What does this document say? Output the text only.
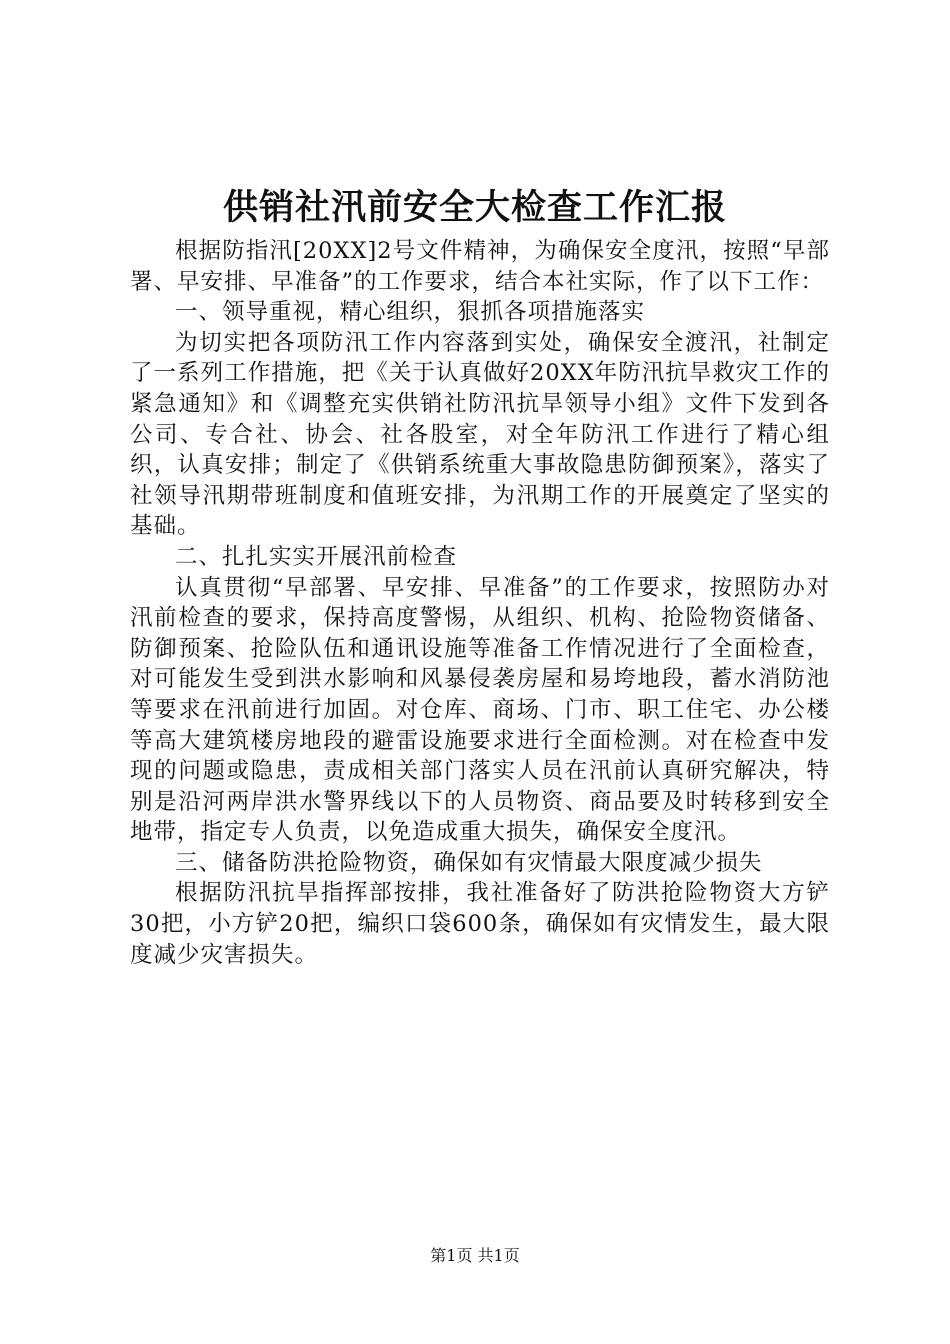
供销社汛前安全大检查工作汇报

根据防指汛[20XX]2号文件精神，为确保安全度汛，按照“早部署、早安排、早准备”的工作要求，结合本社实际，作了以下工作：

一、领导重视，精心组织，狠抓各项措施落实

为切实把各项防汛工作内容落到实处，确保安全渡汛，社制定了一系列工作措施，把《关于认真做好20XX年防汛抗旱救灾工作的紧急通知》和《调整充实供销社防汛抗旱领导小组》文件下发到各公司、专合社、协会、社各股室，对全年防汛工作进行了精心组织，认真安排；制定了《供销系统重大事故隐患防御预案》，落实了社领导汛期带班制度和值班安排，为汛期工作的开展奠定了坚实的基础。

二、扎扎实实开展汛前检查

认真贯彻“早部署、早安排、早准备”的工作要求，按照防办对汛前检查的要求，保持高度警惕，从组织、机构、抢险物资储备、防御预案、抢险队伍和通讯设施等准备工作情况进行了全面检查，对可能发生受到洪水影响和风暴侵袭房屋和易垮地段，蓄水消防池等要求在汛前进行加固。对仓库、商场、门市、职工住宅、办公楼等高大建筑楼房地段的避雷设施要求进行全面检测。对在检查中发现的问题或隐患，责成相关部门落实人员在汛前认真研究解决，特别是沿河两岸洪水警界线以下的人员物资、商品要及时转移到安全地带，指定专人负责，以免造成重大损失，确保安全度汛。

三、储备防洪抢险物资，确保如有灾情最大限度减少损失

根据防汛抗旱指挥部按排，我社准备好了防洪抢险物资大方铲30把，小方铲20把，编织口袋600条，确保如有灾情发生，最大限度减少灾害损失。

第1页 共1页
